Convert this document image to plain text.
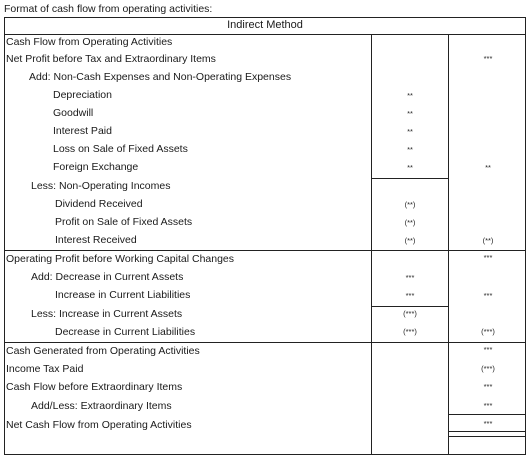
Format of cash flow from operating activities:
Indirect Method
Cash Flow from Operating Activities
Net Profit before Tax and Extraordinary Items
Add: Non-Cash Expenses and Non-Operating Expenses
Depreciation
Goodwill
Interest Paid
Loss on Sale of Fixed Assets
Foreign Exchange
Less: Non-Operating Incomes
Dividend Received
Profit on Sale of Fixed Assets
Interest Received
Operating Profit before Working Capital Changes
Add: Decrease in Current Assets
Increase in Current Liabilities
Less: Increase in Current Assets
Decrease in Current Liabilities
Cash Generated from Operating Activities
Income Tax Paid
Cash Flow before Extraordinary Items
Add/Less: Extraordinary Items
Net Cash Flow from Operating Activities
**
**
**
**
**
(**)
(**)
(**)
***
***
(***)
(***)
***
**
(**)
***
***
(***)
***
(***)
***
***
***
